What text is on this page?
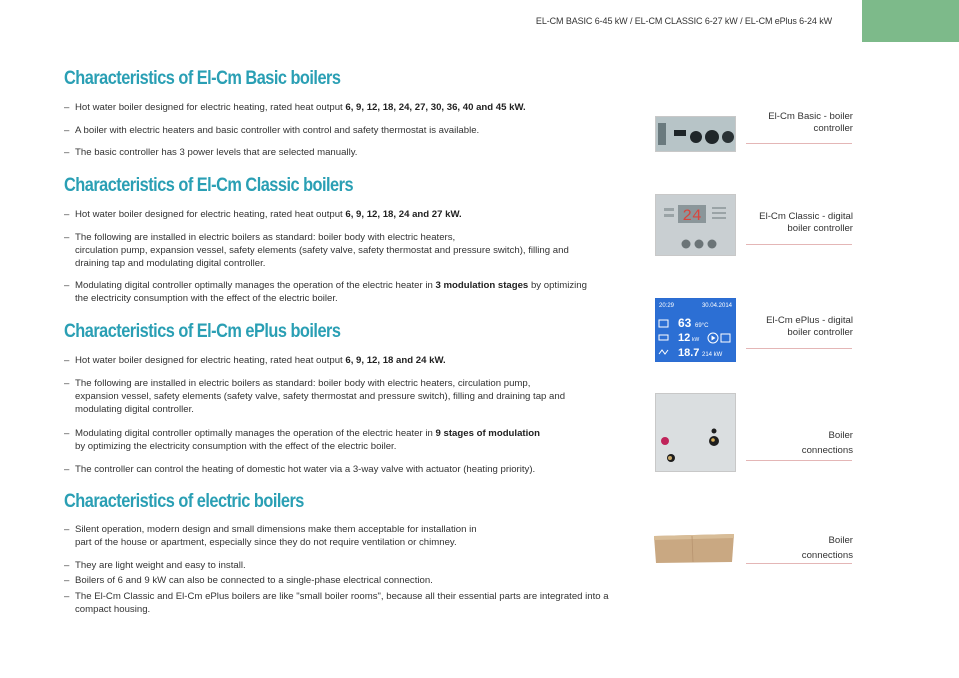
EL-CM BASIC 6-45 kW / EL-CM CLASSIC 6-27 kW / EL-CM ePlus 6-24 kW
Characteristics of El-Cm Basic boilers
– Hot water boiler designed for electric heating, rated heat output 6, 9, 12, 18, 24, 27, 30, 36, 40 and 45 kW.
– A boiler with electric heaters and basic controller with control and safety thermostat is available.
– The basic controller has 3 power levels that are selected manually.
Characteristics of El-Cm Classic boilers
– Hot water boiler designed for electric heating, rated heat output 6, 9, 12, 18, 24 and 27 kW.
– The following are installed in electric boilers as standard: boiler body with electric heaters,
circulation pump, expansion vessel, safety elements (safety valve, safety thermostat and pressure switch), filling and
draining tap and modulating digital controller.
– Modulating digital controller optimally manages the operation of the electric heater in 3 modulation stages by optimizing
the electricity consumption with the effect of the electric boiler.
Characteristics of El-Cm ePlus boilers
– Hot water boiler designed for electric heating, rated heat output 6, 9, 12, 18 and 24 kW.
– The following are installed in electric boilers as standard: boiler body with electric heaters, circulation pump,
expansion vessel, safety elements (safety valve, safety thermostat and pressure switch), filling and draining tap and
modulating digital controller.
– Modulating digital controller optimally manages the operation of the electric heater in 9 stages of modulation
by optimizing the electricity consumption with the effect of the electric boiler.
– The controller can control the heating of domestic hot water via a 3-way valve with actuator (heating priority).
Characteristics of electric boilers
– Silent operation, modern design and small dimensions make them acceptable for installation in
part of the house or apartment, especially since they do not require ventilation or chimney.
– They are light weight and easy to install.
– Boilers of 6 and 9 kW can also be connected to a single-phase electrical connection.
– The El-Cm Classic and El-Cm ePlus boilers are like "small boiler rooms", because all their essential parts are integrated into a
compact housing.
El-Cm Basic - boiler
controller
24	El-Cm Classic - digital
boiler controller
20:29	30.04.2014
63 69°C
12 kW
18.7 214 kW
El-Cm ePlus - digital
boiler controller
Boiler
connections
Boiler
connections
